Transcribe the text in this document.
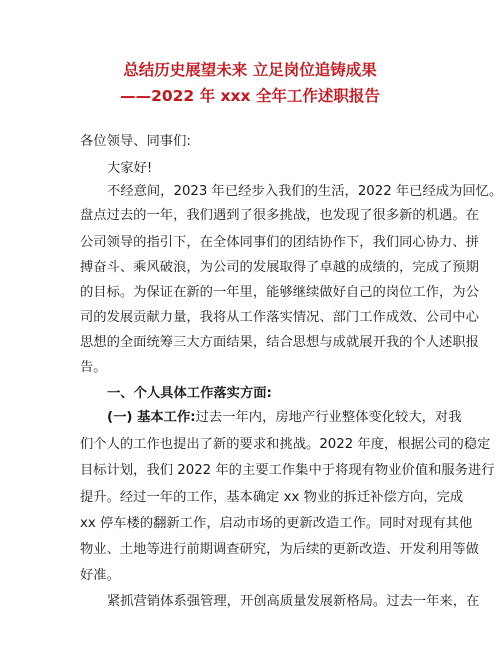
总结历史展望未来 立足岗位追铸成果
——2022 年 xxx 全年工作述职报告
各位领导、同事们:
大家好!
不经意间，2023 年已经步入我们的生活，2022 年已经成为回忆。
盘点过去的一年，我们遇到了很多挑战，也发现了很多新的机遇。在
公司领导的指引下，在全体同事们的团结协作下，我们同心协力、拼
搏奋斗、乘风破浪，为公司的发展取得了卓越的成绩的，完成了预期
的目标。为保证在新的一年里，能够继续做好自己的岗位工作，为公
司的发展贡献力量，我将从工作落实情况、部门工作成效、公司中心
思想的全面统筹三大方面结果，结合思想与成就展开我的个人述职报
告。
一、个人具体工作落实方面:
(一) 基本工作:过去一年内，房地产行业整体变化较大，对我
们个人的工作也提出了新的要求和挑战。2022 年度，根据公司的稳定
目标计划，我们 2022 年的主要工作集中于将现有物业价值和服务进行
提升。经过一年的工作，基本确定 xx 物业的拆迁补偿方向，完成
xx 停车楼的翻新工作，启动市场的更新改造工作。同时对现有其他
物业、土地等进行前期调查研究，为后续的更新改造、开发利用等做
好准。
紧抓营销体系强管理，开创高质量发展新格局。过去一年来，在
